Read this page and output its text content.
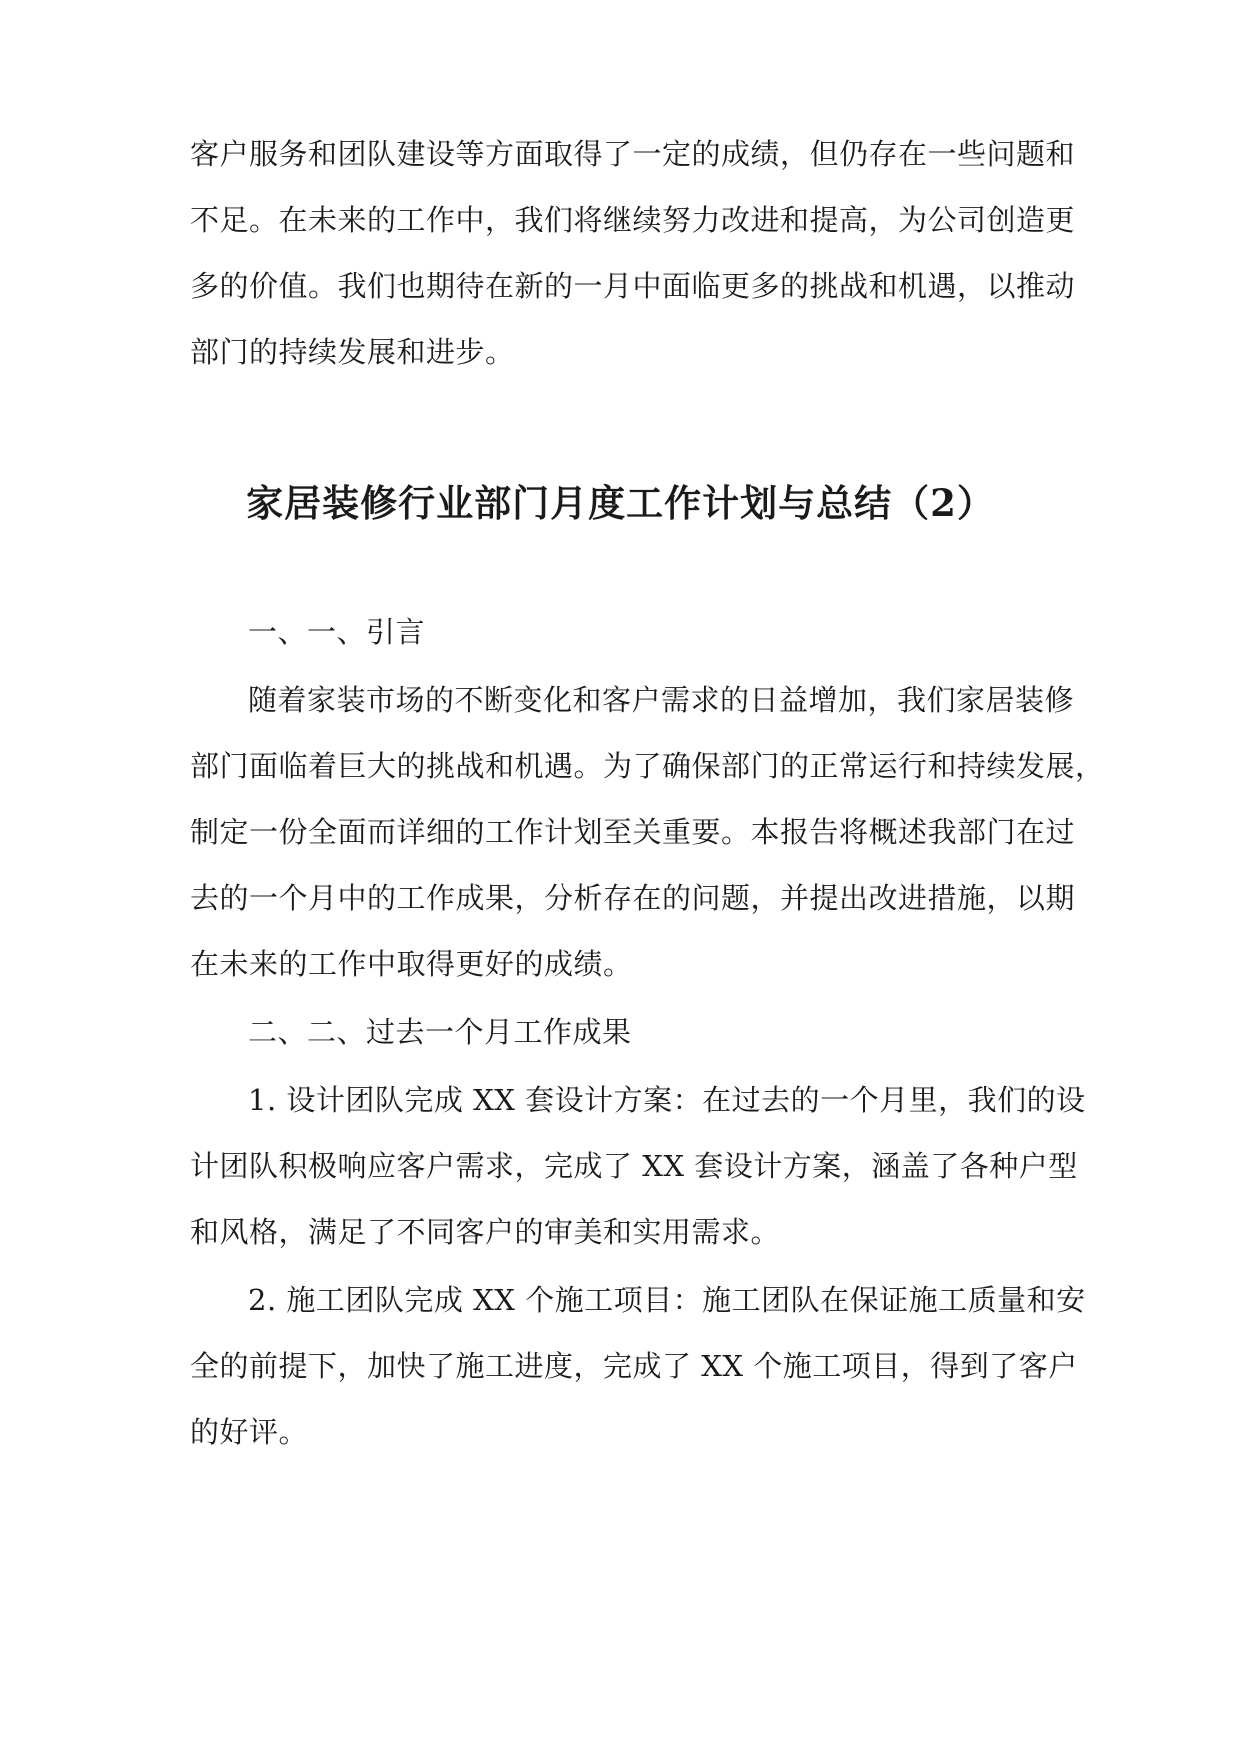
客户服务和团队建设等方面取得了一定的成绩，但仍存在一些问题和
不足。在未来的工作中，我们将继续努力改进和提高，为公司创造更
多的价值。我们也期待在新的一月中面临更多的挑战和机遇，以推动
部门的持续发展和进步。
家居装修行业部门月度工作计划与总结（2）
一、一、引言
随着家装市场的不断变化和客户需求的日益增加，我们家居装修
部门面临着巨大的挑战和机遇。为了确保部门的正常运行和持续发展，
制定一份全面而详细的工作计划至关重要。本报告将概述我部门在过
去的一个月中的工作成果，分析存在的问题，并提出改进措施，以期
在未来的工作中取得更好的成绩。
二、二、过去一个月工作成果
1. 设计团队完成 XX 套设计方案：在过去的一个月里，我们的设
计团队积极响应客户需求，完成了 XX 套设计方案，涵盖了各种户型
和风格，满足了不同客户的审美和实用需求。
2. 施工团队完成 XX 个施工项目：施工团队在保证施工质量和安
全的前提下，加快了施工进度，完成了 XX 个施工项目，得到了客户
的好评。
